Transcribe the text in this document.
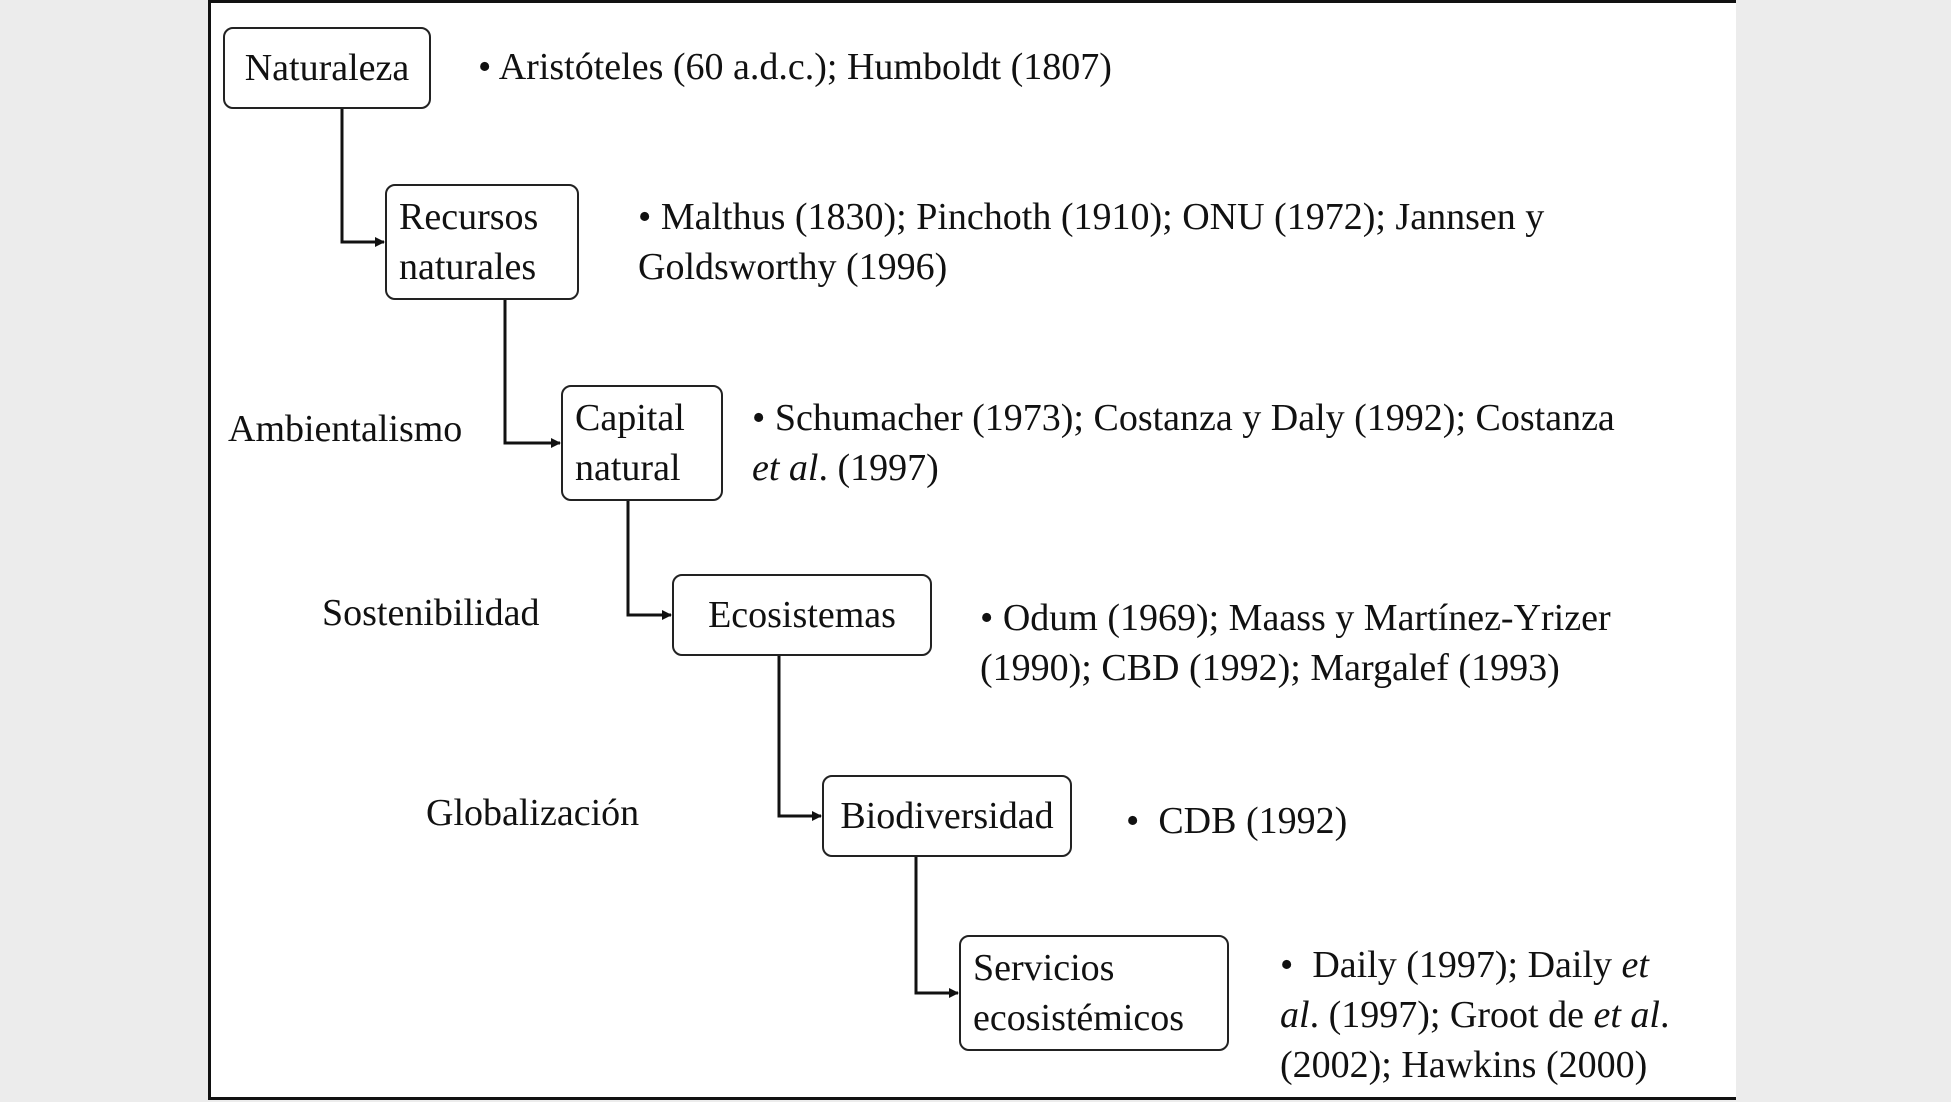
Naturaleza
Recursos naturales
Capital natural
Ecosistemas
Biodiversidad
Servicios ecosistémicos
Ambientalismo
Sostenibilidad
Globalización
• Aristóteles (60 a.d.c.); Humboldt (1807)
• Malthus (1830); Pinchoth (1910); ONU (1972); Jannsen y
Goldsworthy (1996)
• Schumacher (1973); Costanza y Daly (1992); Costanza
et al. (1997)
• Odum (1969); Maass y Martínez-Yrizer
(1990); CBD (1992); Margalef (1993)
• CDB (1992)
• Daily (1997); Daily et
al. (1997); Groot de et al.
(2002); Hawkins (2000)
